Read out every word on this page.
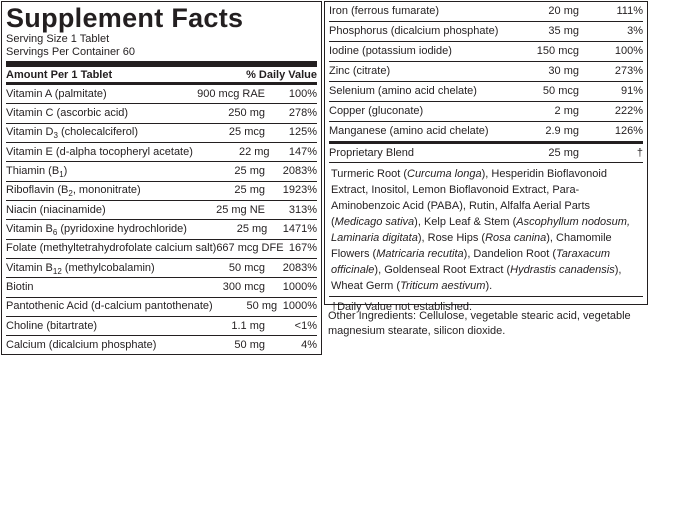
Supplement Facts
Serving Size 1 Tablet
Servings Per Container 60
Amount Per 1 Tablet	% Daily Value
Vitamin A (palmitate)	900 mcg RAE	100%
Vitamin C (ascorbic acid)	250 mg	278%
Vitamin $D_3$ (cholecalciferol)	25 mcg	125%
Vitamin E (d-alpha tocopheryl acetate)	22 mg	147%
Thiamin $(B_1)$	25 mg	2083%
Riboflavin ($B_2$, mononitrate)	25 mg	1923%
Niacin (niacinamide)	25 mg NE	313%
Vitamin $B_6$ (pyridoxine hydrochloride)	25 mg	1471%
Folate (methyltetrahydrofolate calcium salt) 667 mcg DFE 167%
Vitamin $B_{12}$ (methylcobalamin)	50 mcg	2083%
Biotin	300 mcg	1000%
Pantothenic Acid (d-calcium pantothenate)	50 mg 1000%
Choline (bitartrate)	1.1 mg	<1%
Calcium (dicalcium phosphate)	50 mg	4%
Iron (ferrous fumarate)	20 mg	111%
Phosphorus (dicalcium phosphate)	35 mg	3%
Iodine (potassium iodide)	150 mcg	100%
Zinc (citrate)	30 mg	273%
Selenium (amino acid chelate)	50 mcg	91%
Copper (gluconate)	2 mg	222%
Manganese (amino acid chelate)	2.9 mg	126%
Proprietary Blend	25 mg	†
Turmeric Root (Curcuma longa), Hesperidin Bioflavonoid Extract, Inositol, Lemon Bioflavonoid Extract, Para-Aminobenzoic Acid (PABA), Rutin, Alfalfa Aerial Parts (Medicago sativa), Kelp Leaf & Stem (Ascophyllum nodosum, Laminaria digitata), Rose Hips (Rosa canina), Chamomile Flowers (Matricaria recutita), Dandelion Root (Taraxacum officinale), Goldenseal Root Extract (Hydrastis canadensis), Wheat Germ (Triticum aestivum).
†Daily Value not established.
Other Ingredients: Cellulose, vegetable stearic acid, vegetable magnesium stearate, silicon dioxide.
